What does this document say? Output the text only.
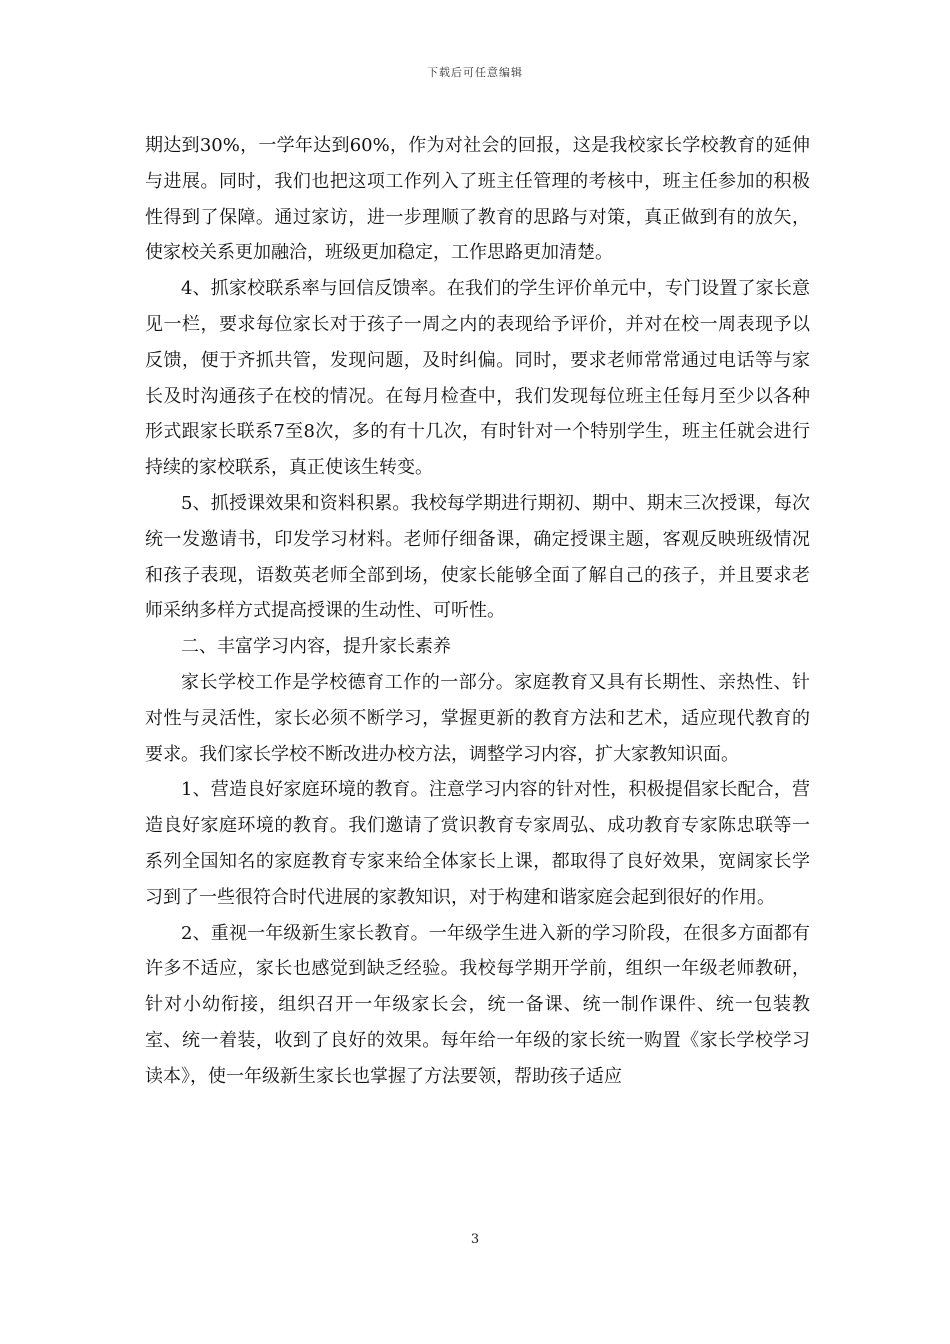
下载后可任意编辑

期达到30%，一学年达到60%，作为对社会的回报，这是我校家长学校教育的延伸与进展。同时，我们也把这项工作列入了班主任管理的考核中，班主任参加的积极性得到了保障。通过家访，进一步理顺了教育的思路与对策，真正做到有的放矢，使家校关系更加融洽，班级更加稳定，工作思路更加清楚。

4、抓家校联系率与回信反馈率。在我们的学生评价单元中，专门设置了家长意见一栏，要求每位家长对于孩子一周之内的表现给予评价，并对在校一周表现予以反馈，便于齐抓共管，发现问题，及时纠偏。同时，要求老师常常通过电话等与家长及时沟通孩子在校的情况。在每月检查中，我们发现每位班主任每月至少以各种形式跟家长联系7至8次，多的有十几次，有时针对一个特别学生，班主任就会进行持续的家校联系，真正使该生转变。

5、抓授课效果和资料积累。我校每学期进行期初、期中、期末三次授课，每次统一发邀请书，印发学习材料。老师仔细备课，确定授课主题，客观反映班级情况和孩子表现，语数英老师全部到场，使家长能够全面了解自己的孩子，并且要求老师采纳多样方式提高授课的生动性、可听性。

二、丰富学习内容，提升家长素养

家长学校工作是学校德育工作的一部分。家庭教育又具有长期性、亲热性、针对性与灵活性，家长必须不断学习，掌握更新的教育方法和艺术，适应现代教育的要求。我们家长学校不断改进办校方法，调整学习内容，扩大家教知识面。

1、营造良好家庭环境的教育。注意学习内容的针对性，积极提倡家长配合，营造良好家庭环境的教育。我们邀请了赏识教育专家周弘、成功教育专家陈忠联等一系列全国知名的家庭教育专家来给全体家长上课，都取得了良好效果，宽阔家长学习到了一些很符合时代进展的家教知识，对于构建和谐家庭会起到很好的作用。

2、重视一年级新生家长教育。一年级学生进入新的学习阶段，在很多方面都有许多不适应，家长也感觉到缺乏经验。我校每学期开学前，组织一年级老师教研，针对小幼衔接，组织召开一年级家长会，统一备课、统一制作课件、统一包装教室、统一着装，收到了良好的效果。每年给一年级的家长统一购置《家长学校学习读本》，使一年级新生家长也掌握了方法要领，帮助孩子适应

3
